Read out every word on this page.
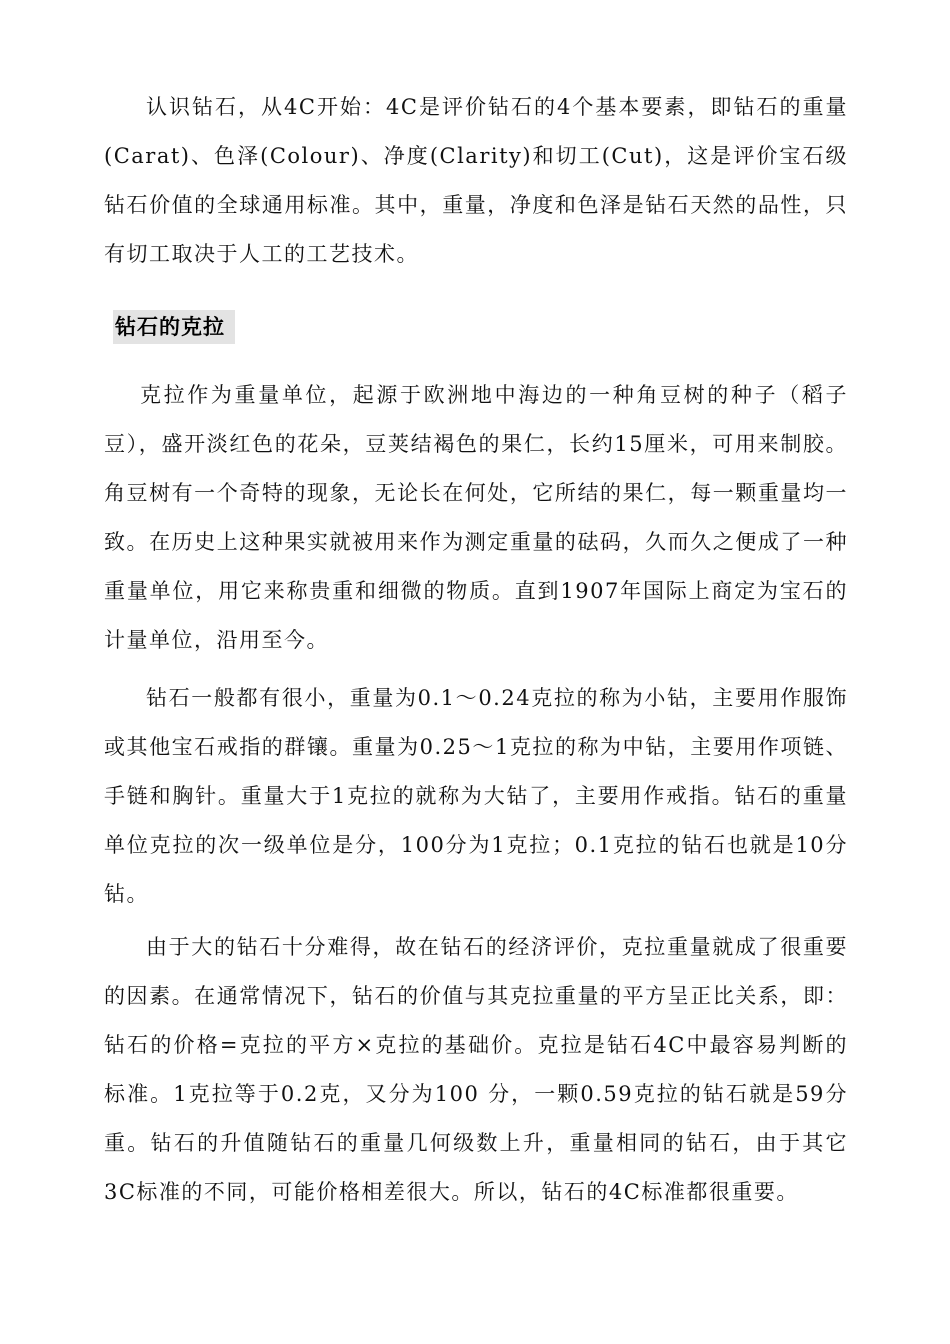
认识钻石，从4C开始：4C是评价钻石的4个基本要素，即钻石的重量(Carat)、色泽(Colour)、净度(Clarity)和切工(Cut)，这是评价宝石级钻石价值的全球通用标准。其中，重量，净度和色泽是钻石天然的品性，只有切工取决于人工的工艺技术。

钻石的克拉

克拉作为重量单位，起源于欧洲地中海边的一种角豆树的种子（稻子豆），盛开淡红色的花朵，豆荚结褐色的果仁，长约15厘米，可用来制胶。角豆树有一个奇特的现象，无论长在何处，它所结的果仁，每一颗重量均一致。在历史上这种果实就被用来作为测定重量的砝码，久而久之便成了一种重量单位，用它来称贵重和细微的物质。直到1907年国际上商定为宝石的计量单位，沿用至今。

钻石一般都有很小，重量为0.1～0.24克拉的称为小钻，主要用作服饰或其他宝石戒指的群镶。重量为0.25～1克拉的称为中钻，主要用作项链、手链和胸针。重量大于1克拉的就称为大钻了，主要用作戒指。钻石的重量单位克拉的次一级单位是分，100分为1克拉；0.1克拉的钻石也就是10分钻。

由于大的钻石十分难得，故在钻石的经济评价，克拉重量就成了很重要的因素。在通常情况下，钻石的价值与其克拉重量的平方呈正比关系，即：钻石的价格=克拉的平方×克拉的基础价。克拉是钻石4C中最容易判断的标准。1克拉等于0.2克，又分为100 分，一颗0.59克拉的钻石就是59分重。钻石的升值随钻石的重量几何级数上升，重量相同的钻石，由于其它3C标准的不同，可能价格相差很大。所以，钻石的4C标准都很重要。
